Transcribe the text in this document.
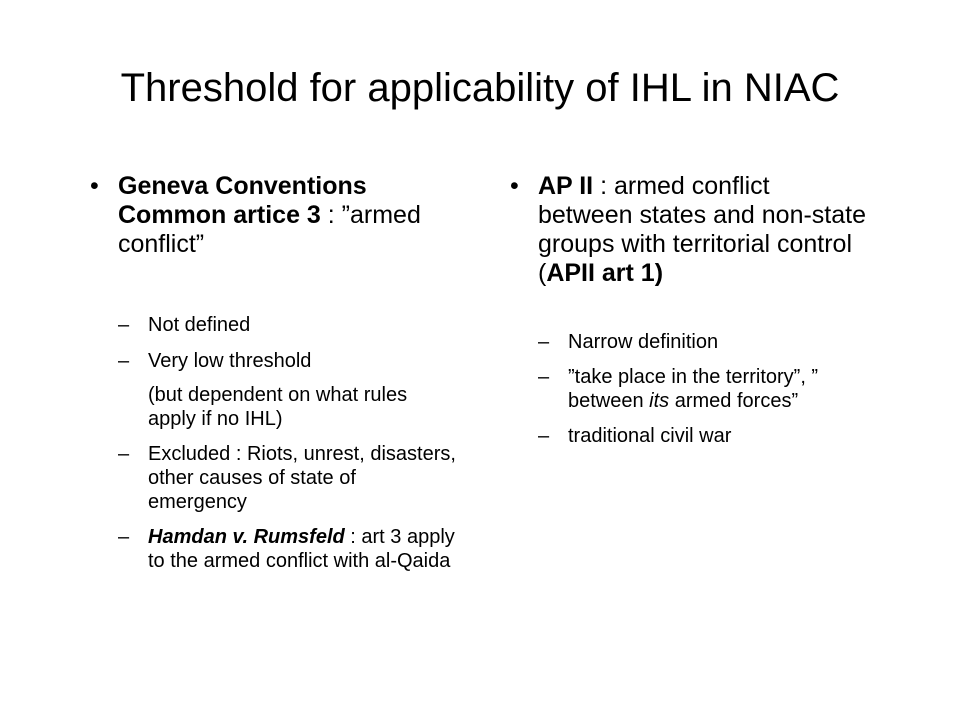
Threshold for applicability of IHL in NIAC
• Geneva Conventions Common artice 3 : ”armed conflict”
– Not defined
– Very low threshold
(but dependent on what rules apply if no IHL)
– Excluded : Riots, unrest, disasters, other causes of state of emergency
– Hamdan v. Rumsfeld : art 3 apply to the armed conflict with al-Qaida
• AP II : armed conflict between states and non-state groups with territorial control (APII art 1)
– Narrow definition
– ”take place in the territory”, ” between its armed forces”
– traditional civil war
